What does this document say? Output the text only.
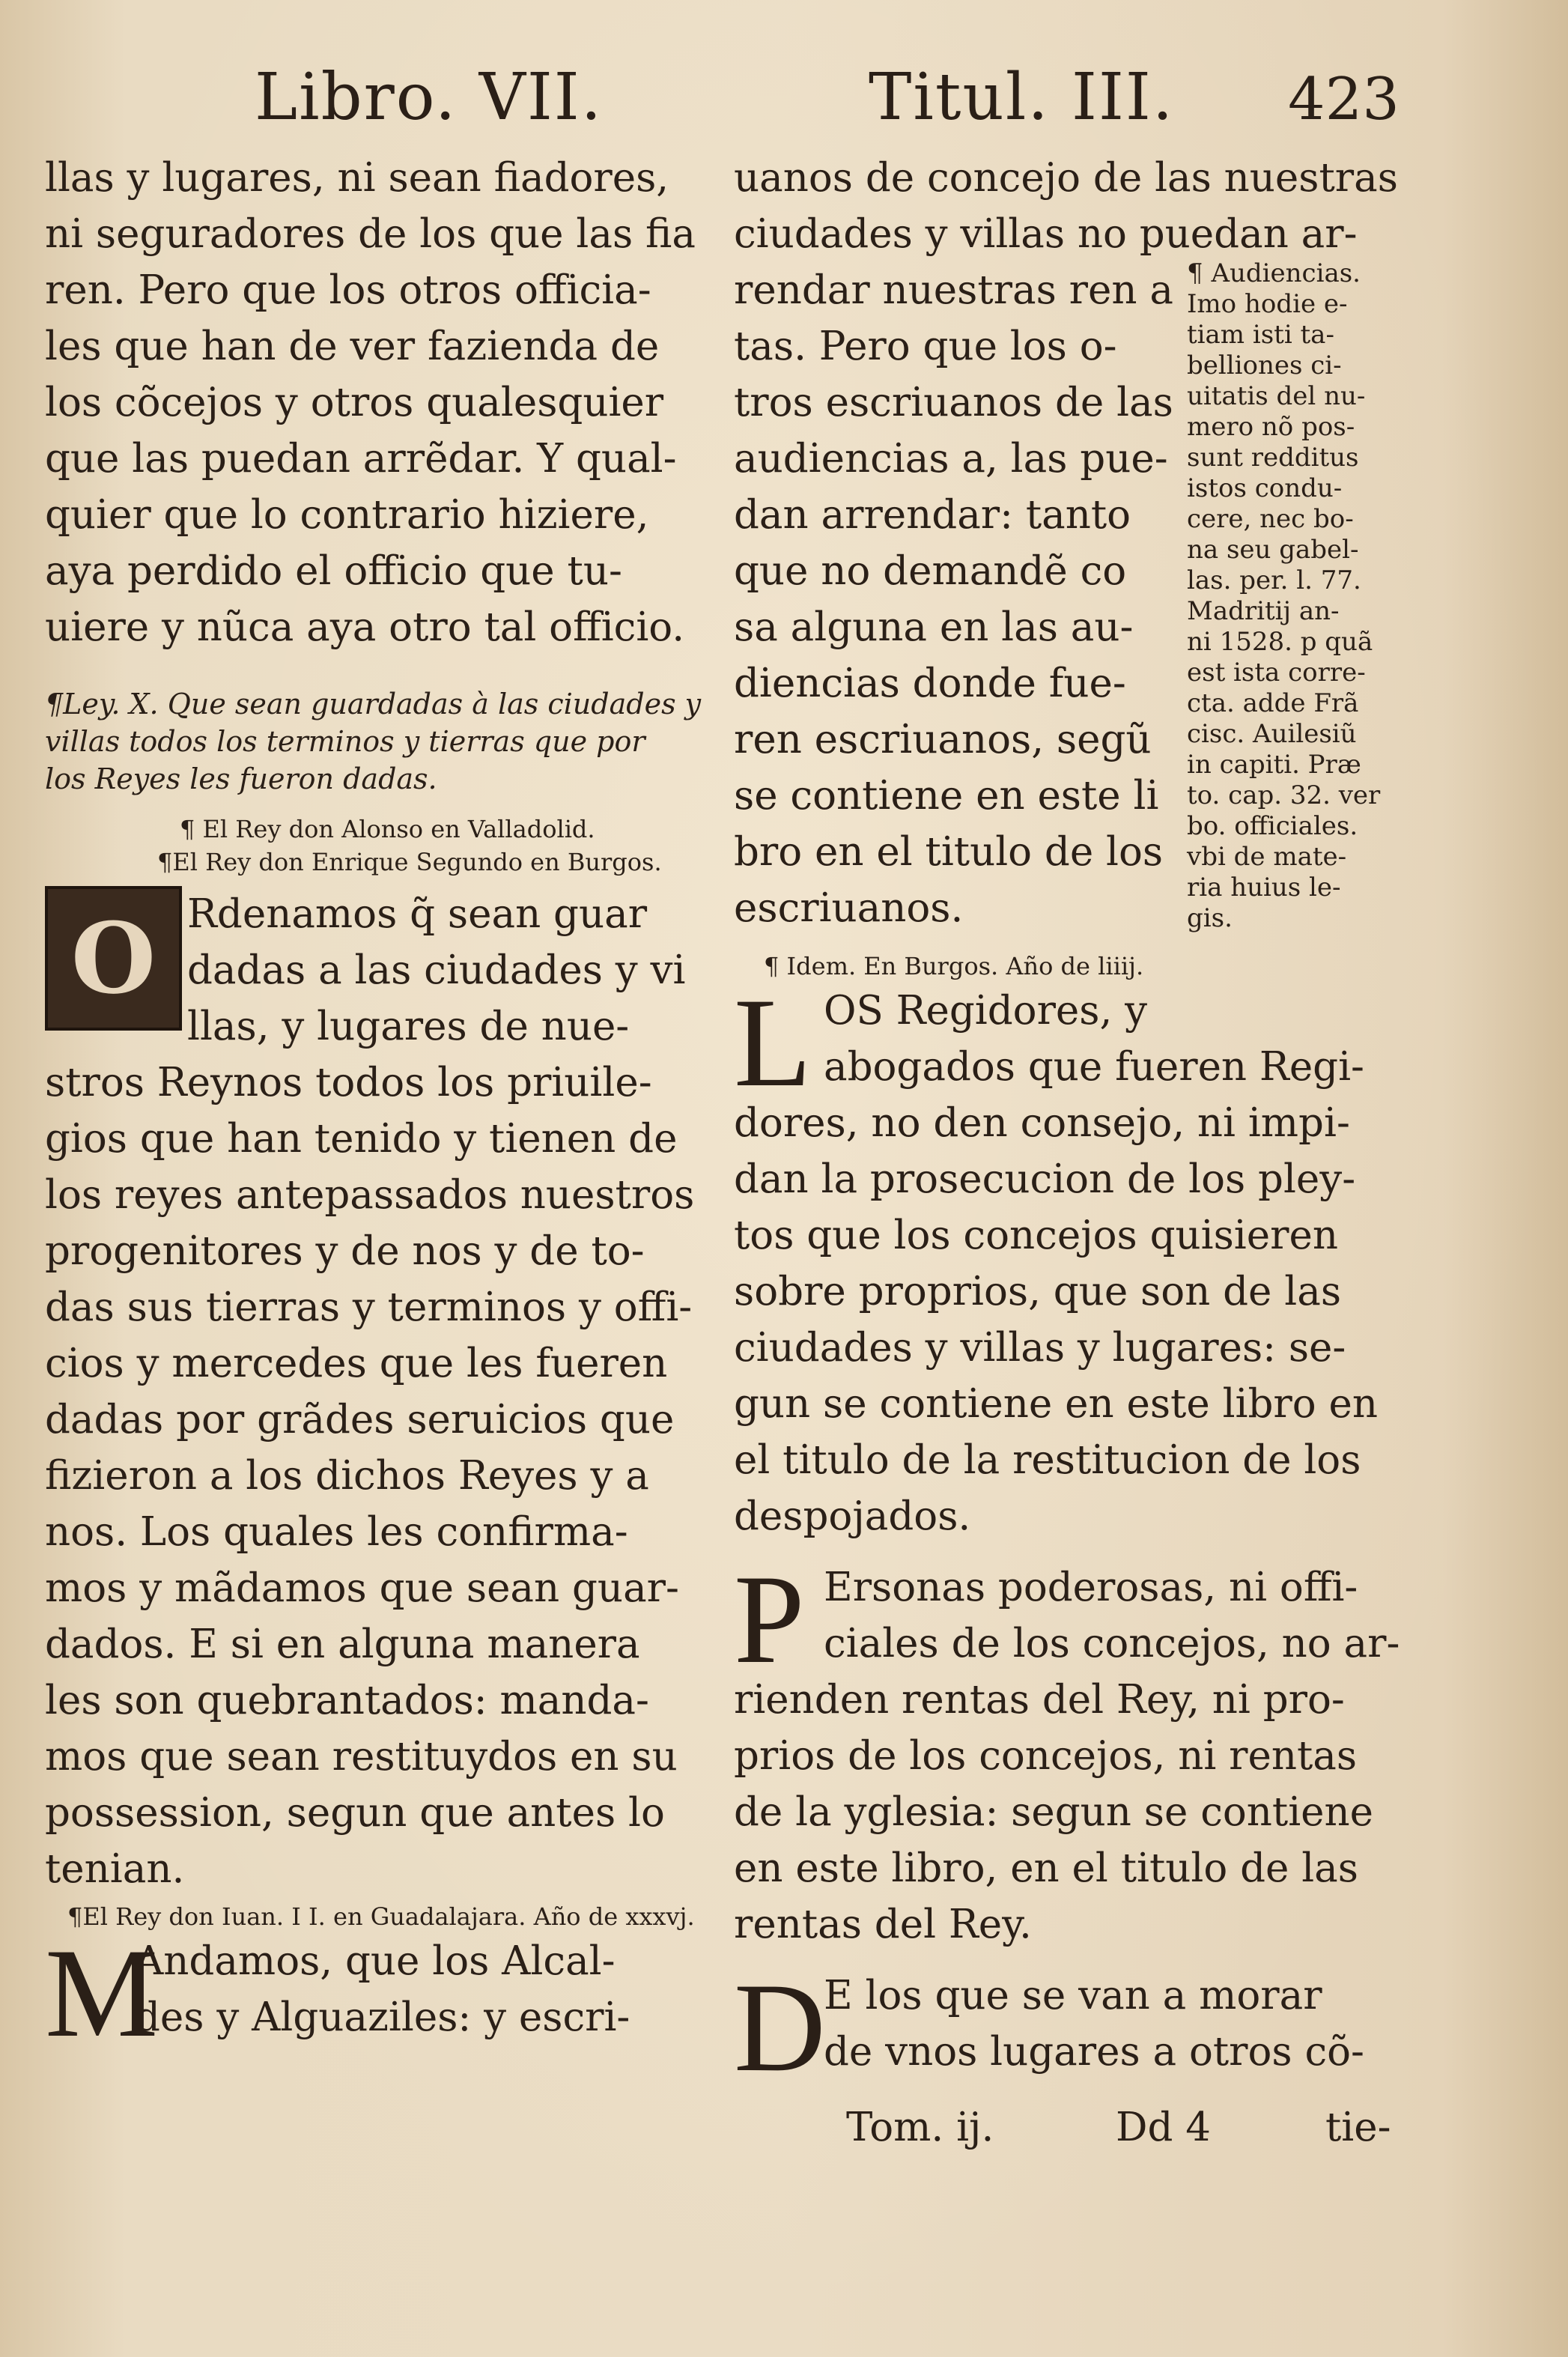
Libro. VII.	Titul. III. 423
llas y lugares, ni sean fiadores,
ni seguradores de los que las fia
ren. Pero que los otros officia-
les que han de ver fazienda de
los cõcejos y otros qualesquier
que las puedan arrẽdar. Y qual-
quier que lo contrario hiziere,
aya perdido el officio que tu-
uiere y nũca aya otro tal officio.
¶Ley. X. Que sean guardadas à las ciudades y
villas todos los terminos y tierras que por
los Reyes les fueron dadas.
¶ El Rey don Alonso en Valladolid.
¶El Rey don Enrique Segundo en Burgos.
O Rdenamos q̃ sean guar
dadas a las ciudades y vi
llas, y lugares de nue-
stros Reynos todos los priuile-
gios que han tenido y tienen de
los reyes antepassados nuestros
progenitores y de nos y de to-
das sus tierras y terminos y offi-
cios y mercedes que les fueren
dadas por grãdes seruicios que
fizieron a los dichos Reyes y a
nos. Los quales les confirma-
mos y mãdamos que sean guar-
dados. E si en alguna manera
les son quebrantados: manda-
mos que sean restituydos en su
possession, segun que antes lo
tenian.
¶El Rey don Iuan. I I. en Guadalajara. Año de xxxvj.
M
Andamos, que los Alcal-
des y Alguaziles: y escri-
uanos de concejo de las nuestras
ciudades y villas no puedan ar-
rendar nuestras ren a
tas. Pero que los o-
tros escriuanos de las
audiencias a, las pue-
dan arrendar: tanto
que no demandẽ co
sa alguna en las au-
diencias donde fue-
ren escriuanos, segũ
se contiene en este li
bro en el titulo de los
escriuanos.
¶ Idem. En Burgos. Año de liiij.
L OS Regidores, y
abogados que fueren Regi-
dores, no den consejo, ni impi-
dan la prosecucion de los pley-
tos que los concejos quisieren
sobre proprios, que son de las
ciudades y villas y lugares: se-
gun se contiene en este libro en
el titulo de la restitucion de los
despojados.
P Ersonas poderosas, ni offi-
ciales de los concejos, no ar-
rienden rentas del Rey, ni pro-
prios de los concejos, ni rentas
de la yglesia: segun se contiene
en este libro, en el titulo de las
rentas del Rey.
D
E los que se van a morar
de vnos lugares a otros cõ-
¶ Audiencias.
Imo hodie e-
tiam isti ta-
belliones ci-
uitatis del nu-
mero nõ pos-
sunt redditus
istos condu-
cere, nec bo-
na seu gabel-
las. per. l. 77.
Madritij an-
ni 1528. p quã
est ista corre-
cta. adde Frã
cisc. Auilesiũ
in capiti. Præ
to. cap. 32. ver
bo. officiales.
vbi de mate-
ria huius le-
gis.
Tom. ij.	Dd 4	tie-
